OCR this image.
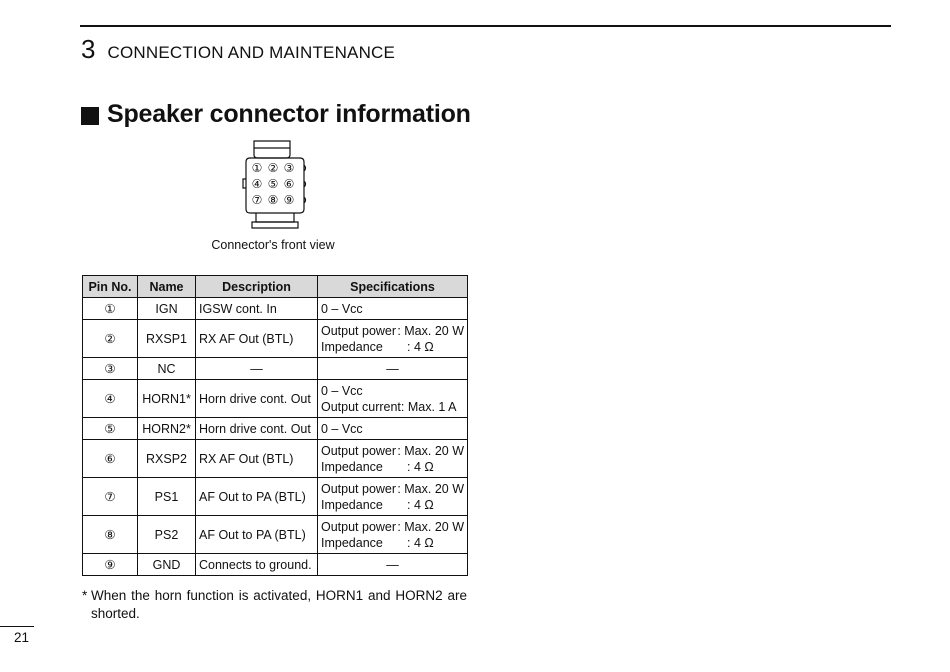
3 CONNECTION AND MAINTENANCE
Speaker connector information
① ② ③
④ ⑤ ⑥
⑦ ⑧ ⑨
Connector's front view
Pin No.	Name	Description	Specifications
①	IGN	IGSW cont. In	0 – Vcc

②	RXSP1	RX AF Out (BTL)	Output power : Max. 20 W
Impedance : 4 Ω

③	NC	—	—

④	HORN1*	Horn drive cont. Out	0 – Vcc
Output current: Max. 1 A

⑤	HORN2*	Horn drive cont. Out	0 – Vcc

⑥	RXSP2	RX AF Out (BTL)	Output power : Max. 20 W
Impedance : 4 Ω

⑦	PS1	AF Out to PA (BTL)	Output power : Max. 20 W
Impedance : 4 Ω

⑧	PS2	AF Out to PA (BTL)	Output power : Max. 20 W
Impedance : 4 Ω

⑨	GND	Connects to ground.	—
* When the horn function is activated, HORN1 and HORN2 are shorted.
21
